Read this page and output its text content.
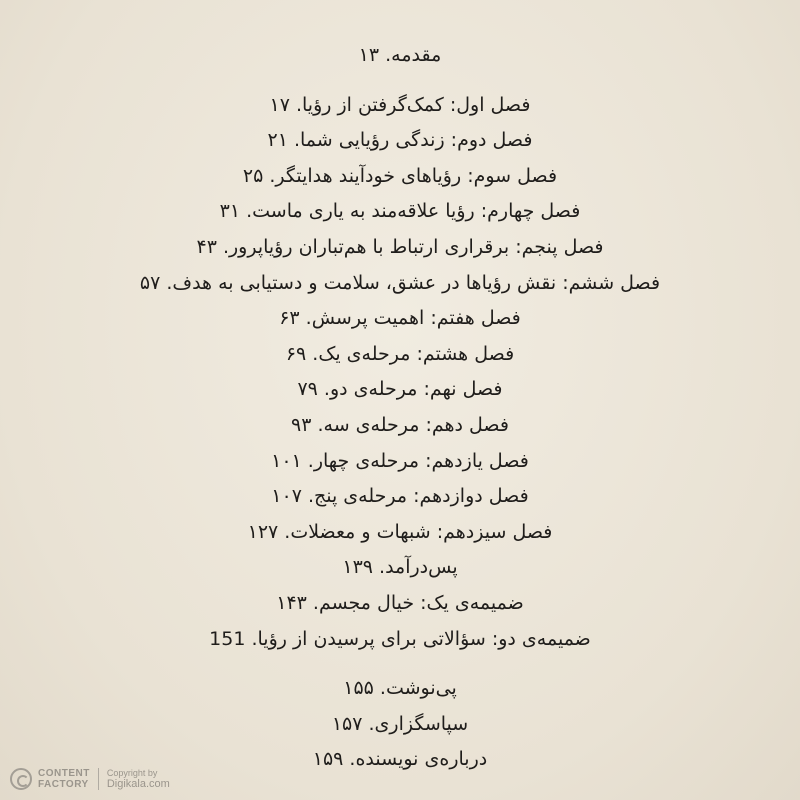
مقدمه. ۱۳
فصل اول: کمک‌گرفتن از رؤیا. ۱۷
فصل دوم: زندگی رؤیایی شما. ۲۱
فصل سوم: رؤیاهای خودآیند هدایتگر. ۲۵
فصل چهارم: رؤیا علاقه‌مند به یاری ماست. ۳۱
فصل پنجم: برقراری ارتباط با هم‌تباران رؤیاپرور. ۴۳
فصل ششم: نقش رؤیاها در عشق، سلامت و دستیابی به هدف. ۵۷
فصل هفتم: اهمیت پرسش. ۶۳
فصل هشتم: مرحله‌ی یک. ۶۹
فصل نهم: مرحله‌ی دو. ۷۹
فصل دهم: مرحله‌ی سه. ۹۳
فصل یازدهم: مرحله‌ی چهار. ۱۰۱
فصل دوازدهم: مرحله‌ی پنج. ۱۰۷
فصل سیزدهم: شبهات و معضلات. ۱۲۷
پس‌درآمد. ۱۳۹
ضمیمه‌ی یک: خیال مجسم. ۱۴۳
ضمیمه‌ی دو: سؤالاتی برای پرسیدن از رؤیا. 151
پی‌نوشت. ۱۵۵
سپاسگزاری. ۱۵۷
درباره‌ی نویسنده. ۱۵۹
CONTENT
FACTORY
Copyright by
Digikala.com
